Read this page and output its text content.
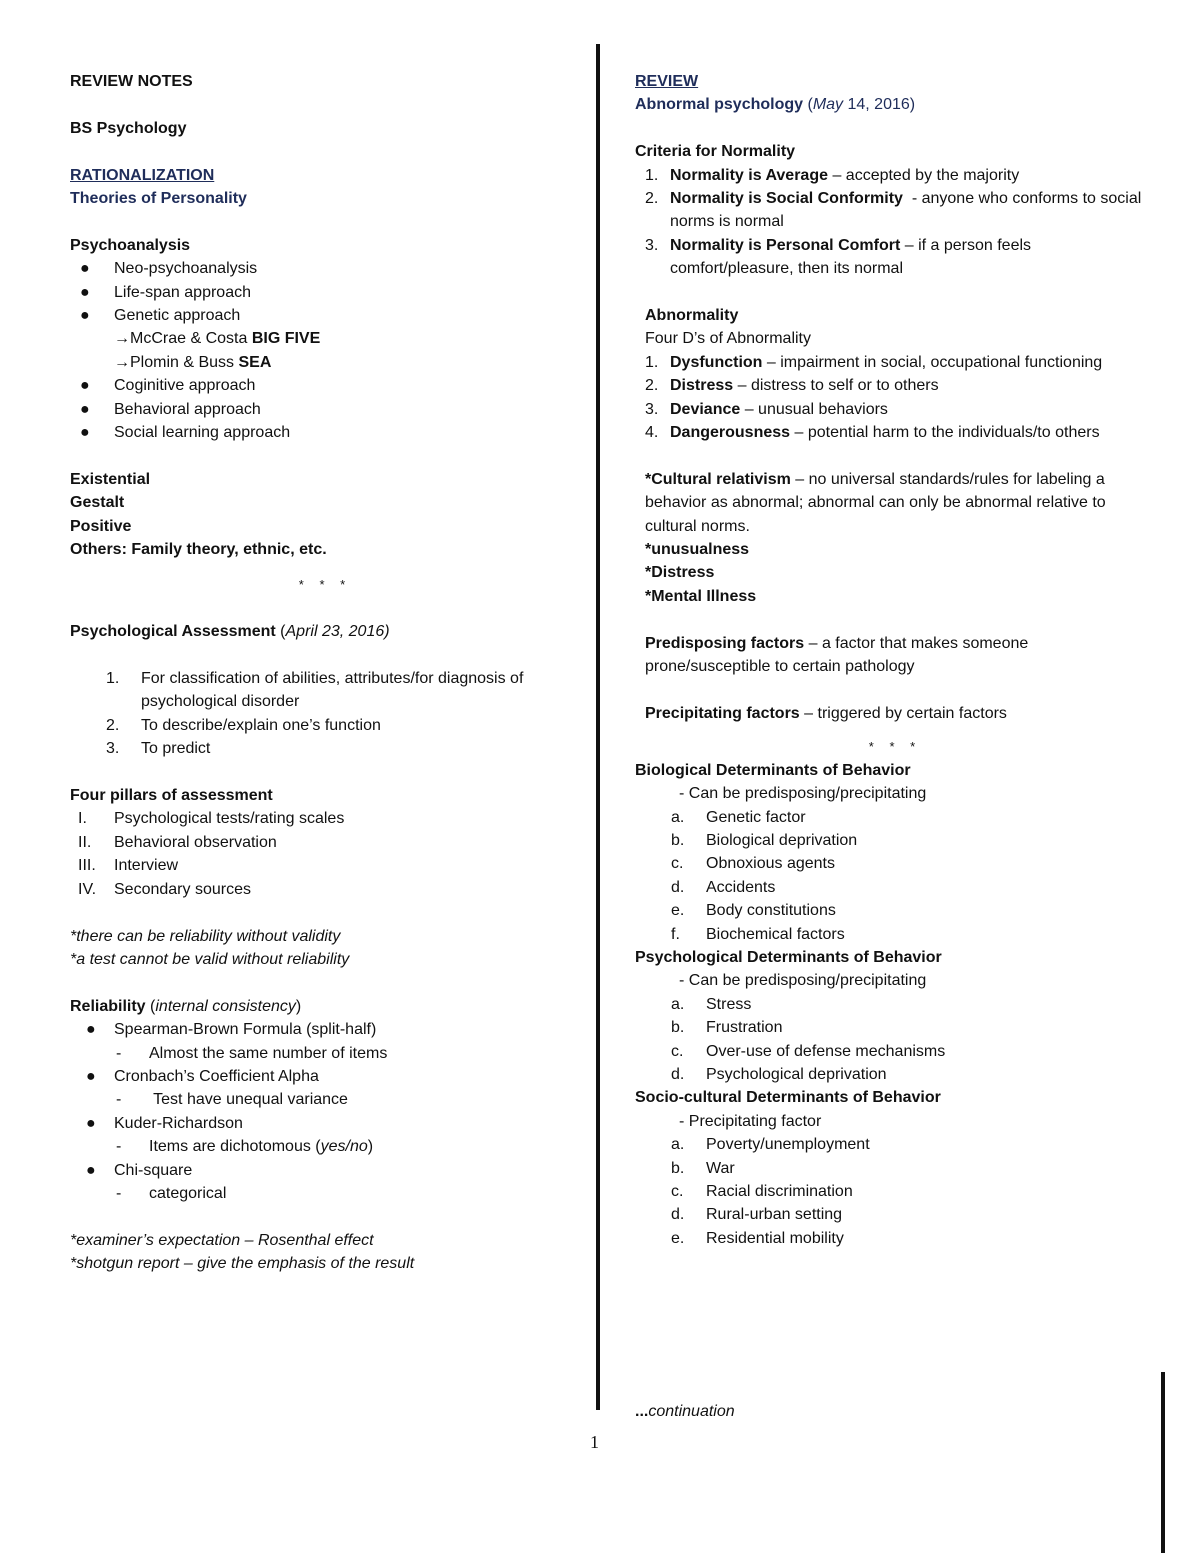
REVIEW NOTES
BS Psychology
RATIONALIZATION
Theories of Personality
Psychoanalysis
● Neo-psychoanalysis
● Life-span approach
● Genetic approach
→McCrae & Costa BIG FIVE
→Plomin & Buss SEA
● Coginitive approach
● Behavioral approach
● Social learning approach
Existential
Gestalt
Positive
Others: Family theory, ethnic, etc.
* * *
Psychological Assessment (April 23, 2016)
1. For classification of abilities, attributes/for diagnosis of psychological disorder
2. To describe/explain one’s function
3. To predict
Four pillars of assessment
I. Psychological tests/rating scales
II. Behavioral observation
III. Interview
IV. Secondary sources
*there can be reliability without validity
*a test cannot be valid without reliability
Reliability (internal consistency)
● Spearman-Brown Formula (split-half)
- Almost the same number of items
● Cronbach’s Coefficient Alpha
- Test have unequal variance
● Kuder-Richardson
- Items are dichotomous (yes/no)
● Chi-square
- categorical
*examiner’s expectation – Rosenthal effect
*shotgun report – give the emphasis of the result
REVIEW
Abnormal psychology (May 14, 2016)
Criteria for Normality
1. Normality is Average – accepted by the majority
2. Normality is Social Conformity  - anyone who conforms to social norms is normal
3. Normality is Personal Comfort – if a person feels comfort/pleasure, then its normal
Abnormality
Four D’s of Abnormality
1. Dysfunction – impairment in social, occupational functioning
2. Distress – distress to self or to others
3. Deviance – unusual behaviors
4. Dangerousness – potential harm to the individuals/to others
*Cultural relativism – no universal standards/rules for labeling a behavior as abnormal; abnormal can only be abnormal relative to cultural norms.
*unusualness
*Distress
*Mental Illness
Predisposing factors – a factor that makes someone prone/susceptible to certain pathology
Precipitating factors – triggered by certain factors
* * *
Biological Determinants of Behavior
- Can be predisposing/precipitating
a. Genetic factor
b. Biological deprivation
c. Obnoxious agents
d. Accidents
e. Body constitutions
f. Biochemical factors
Psychological Determinants of Behavior
- Can be predisposing/precipitating
a. Stress
b. Frustration
c. Over-use of defense mechanisms
d. Psychological deprivation
Socio-cultural Determinants of Behavior
- Precipitating factor
a. Poverty/unemployment
b. War
c. Racial discrimination
d. Rural-urban setting
e. Residential mobility
...continuation
1
